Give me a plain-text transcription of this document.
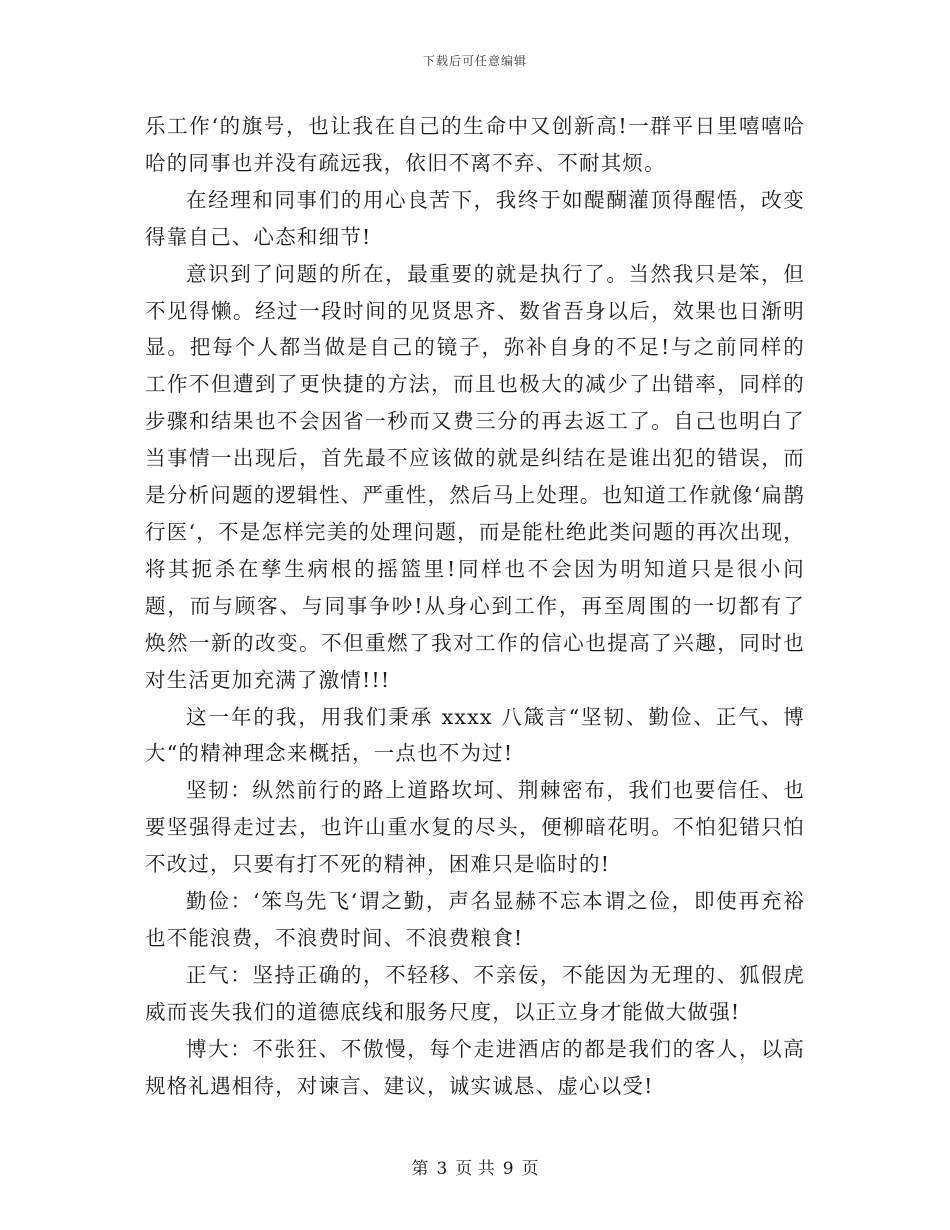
下载后可任意编辑

乐工作‘的旗号，也让我在自己的生命中又创新高!一群平日里嘻嘻哈哈的同事也并没有疏远我，依旧不离不弃、不耐其烦。

在经理和同事们的用心良苦下，我终于如醍醐灌顶得醒悟，改变得靠自己、心态和细节!

意识到了问题的所在，最重要的就是执行了。当然我只是笨，但不见得懒。经过一段时间的见贤思齐、数省吾身以后，效果也日渐明显。把每个人都当做是自己的镜子，弥补自身的不足!与之前同样的工作不但遭到了更快捷的方法，而且也极大的减少了出错率，同样的步骤和结果也不会因省一秒而又费三分的再去返工了。自己也明白了当事情一出现后，首先最不应该做的就是纠结在是谁出犯的错误，而是分析问题的逻辑性、严重性，然后马上处理。也知道工作就像‘扁鹊行医‘，不是怎样完美的处理问题，而是能杜绝此类问题的再次出现，将其扼杀在孳生病根的摇篮里!同样也不会因为明知道只是很小问题，而与顾客、与同事争吵!从身心到工作，再至周围的一切都有了焕然一新的改变。不但重燃了我对工作的信心也提高了兴趣，同时也对生活更加充满了激情!!!

这一年的我，用我们秉承 xxxx 八箴言“坚韧、勤俭、正气、博大“的精神理念来概括，一点也不为过!

坚韧：纵然前行的路上道路坎坷、荆棘密布，我们也要信任、也要坚强得走过去，也许山重水复的尽头，便柳暗花明。不怕犯错只怕不改过，只要有打不死的精神，困难只是临时的!

勤俭：‘笨鸟先飞‘谓之勤，声名显赫不忘本谓之俭，即使再充裕也不能浪费，不浪费时间、不浪费粮食!

正气：坚持正确的，不轻移、不亲佞，不能因为无理的、狐假虎威而丧失我们的道德底线和服务尺度，以正立身才能做大做强!

博大：不张狂、不傲慢，每个走进酒店的都是我们的客人，以高规格礼遇相待，对谏言、建议，诚实诚恳、虚心以受!

第 3 页 共 9 页
